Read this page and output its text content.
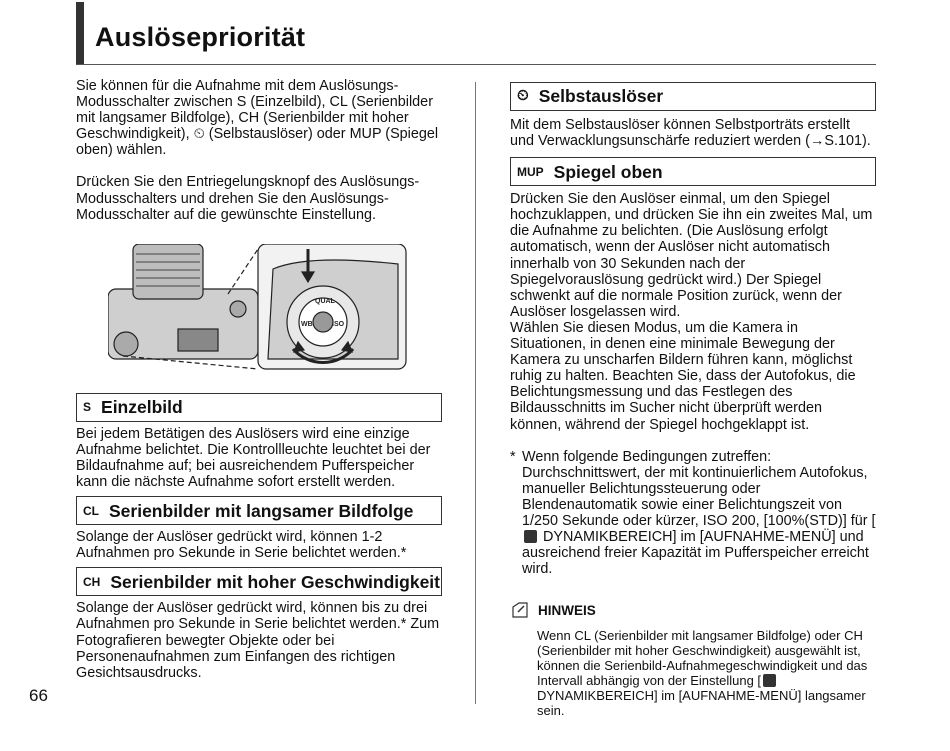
Auslösepriorität

Sie können für die Aufnahme mit dem Auslösungs-Modusschalter zwischen S (Einzelbild), CL (Serienbilder mit langsamer Bildfolge), CH (Serienbilder mit hoher Geschwindigkeit), ⏲ (Selbstauslöser) oder MUP (Spiegel oben) wählen.

Drücken Sie den Entriegelungsknopf des Auslösungs-Modusschalters und drehen Sie den Auslösungs-Modusschalter auf die gewünschte Einstellung.

QUAL
WB	ISO
S Einzelbild

Bei jedem Betätigen des Auslösers wird eine einzige Aufnahme belichtet. Die Kontrollleuchte leuchtet bei der Bildaufnahme auf; bei ausreichendem Pufferspeicher kann die nächste Aufnahme sofort erstellt werden.

CL Serienbilder mit langsamer Bildfolge

Solange der Auslöser gedrückt wird, können 1-2 Aufnahmen pro Sekunde in Serie belichtet werden.*

CH Serienbilder mit hoher Geschwindigkeit

Solange der Auslöser gedrückt wird, können bis zu drei Aufnahmen pro Sekunde in Serie belichtet werden.* Zum Fotografieren bewegter Objekte oder bei Personenaufnahmen zum Einfangen des richtigen Gesichtsausdrucks.

⏲ Selbstauslöser

Mit dem Selbstauslöser können Selbstporträts erstellt und Verwacklungsunschärfe reduziert werden (→S.101).

MUP Spiegel oben

Drücken Sie den Auslöser einmal, um den Spiegel hochzuklappen, und drücken Sie ihn ein zweites Mal, um die Aufnahme zu belichten. (Die Auslösung erfolgt automatisch, wenn der Auslöser nicht automatisch innerhalb von 30 Sekunden nach der Spiegelvorauslösung gedrückt wird.) Der Spiegel schwenkt auf die normale Position zurück, wenn der Auslöser losgelassen wird.

Wählen Sie diesen Modus, um die Kamera in Situationen, in denen eine minimale Bewegung der Kamera zu unscharfen Bildern führen kann, möglichst ruhig zu halten. Beachten Sie, dass der Autofokus, die Belichtungsmessung und das Festlegen des Bildausschnitts im Sucher nicht überprüft werden können, während der Spiegel hochgeklappt ist.

* Wenn folgende Bedingungen zutreffen: Durchschnittswert, der mit kontinuierlichem Autofokus, manueller Belichtungssteuerung oder Blendenautomatik sowie einer Belichtungszeit von 1/250 Sekunde oder kürzer, ISO 200, [100%(STD)] für [ DYNAMIKBEREICH] im [AUFNAHME-MENÜ] und ausreichend freier Kapazität im Pufferspeicher erreicht wird.
HINWEIS

Wenn CL (Serienbilder mit langsamer Bildfolge) oder CH (Serienbilder mit hoher Geschwindigkeit) ausgewählt ist, können die Serienbild-Aufnahmegeschwindigkeit und das Intervall abhängig von der Einstellung [ DYNAMIKBEREICH] im [AUFNAHME-MENÜ] langsamer sein.

66
